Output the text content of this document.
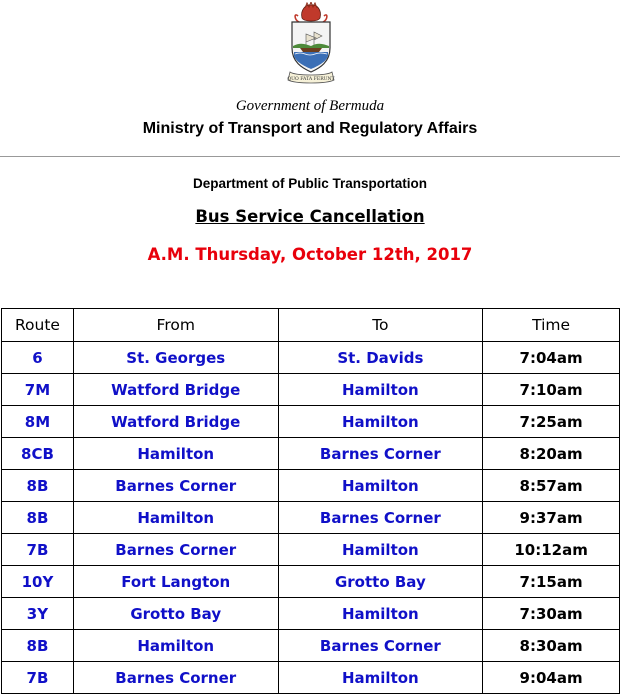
QUO FATA FERUNT
Government of Bermuda
Ministry of Transport and Regulatory Affairs
Department of Public Transportation
Bus Service Cancellation
A.M. Thursday, October 12th, 2017
Route	From	To	Time
6	St. Georges	St. Davids	7:04am
7M	Watford Bridge	Hamilton	7:10am
8M	Watford Bridge	Hamilton	7:25am
8CB	Hamilton	Barnes Corner	8:20am
8B	Barnes Corner	Hamilton	8:57am
8B	Hamilton	Barnes Corner	9:37am
7B	Barnes Corner	Hamilton	10:12am
10Y	Fort Langton	Grotto Bay	7:15am
3Y	Grotto Bay	Hamilton	7:30am
8B	Hamilton	Barnes Corner	8:30am
7B	Barnes Corner	Hamilton	9:04am
